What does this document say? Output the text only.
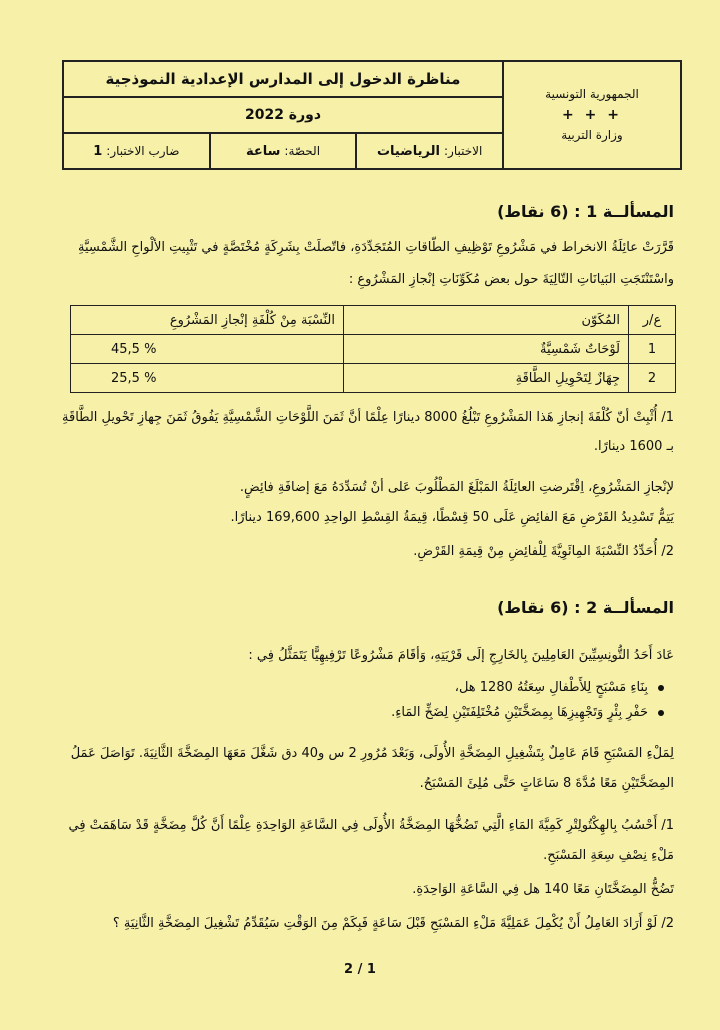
الجمهورية التونسية
+ + +
وزارة التربية
مناظرة الدخول إلى المدارس الإعدادية النموذجية
دورة 2022
الاختبار:
الرياضيات
الحصّة:
ساعة
ضارب الاختبار:
1
المسألــة 1 : (6 نقاط)
قَرَّرَتْ عائِلَةُ الانخراط في مَشْرُوعِ تَوْظِيفِ الطّاقاتِ المُتَجَدِّدَةِ، فاتّصلَتْ بِشَرِكَةٍ مُخْتَصَّةٍ في تَثْبِيتِ الألْواحِ الشَّمْسِيَّةِ
واسْتَنْتَجَتِ البَيانَاتِ التّالِيَةَ حول بعض مُكَوِّنَاتِ إنْجازِ المَشْرُوعِ :
ع/ر	المُكَوّن	النِّسْبَة مِنْ كُلْفَةِ إنْجازِ المَشْرُوعِ
1	لَوْحَاتٌ شَمْسِيَّةٌ	% 45,5
2	جِهَازٌ لِتَحْوِيلِ الطَّاقَةِ	% 25,5
1/ أُثْبِتْ أنّ كُلْفَةَ إنجازِ هَذا المَشْرُوعِ تَبْلُغُ 8000 دينارًا عِلْمًا أنَّ ثَمَنَ اللَّوْحَاتِ الشَّمْسِيَّةِ يَفُوقُ ثَمَنَ جِهازِ تَحْويلِ الطَّاقَةِ
بـ 1600 دينارًا.
لإنْجازِ المَشْرُوعِ، اِقْتَرضتِ العائِلَةُ المَبْلَغَ المَطْلُوبَ عَلى أنْ تُسَدِّدَهُ مَعَ إضافَةِ فائِضٍ.
يَتِمُّ تَسْدِيدُ القَرْضِ مَعَ الفائِضِ عَلَى 50 قِسْطًا، قِيمَةُ القِسْطِ الواحِدِ 169,600 دينارًا.
2/ أُحَدِّدُ النِّسْبَةَ المِائَوِيَّةَ لِلْفائِضِ مِنْ قِيمَةِ القَرْضِ.
المسألــة 2 : (6 نقاط)
عَادَ أَحَدُ التُّونِسِيِّينَ العَامِلِينَ بِالخَارِجِ إلَى قَرْيَتِهِ، وَأقَامَ مَشْرُوعًا تَرْفِيهِيًّا يَتَمَثَّلُ فِي :
بِنَاءِ مَسْبَحٍ لِلأَطْفالِ سِعَتُهُ 1280 هل،
حَفْرِ بِئْرٍ وَتَجْهِيزِهَا بِمِضَخَّتَيْنِ مُخْتَلِفَتَيْنِ لِضَخِّ المَاءِ.
لِمَلْءِ المَسْبَحِ قَامَ عَامِلٌ بِتَشْغِيلِ المِضَخَّةِ الأُولَى، وَبَعْدَ مُرُورِ 2 س و40 دق شَغَّلَ مَعَهَا المِضَخَّةَ الثَّانِيَةَ. تَوَاصَلَ عَمَلُ
المِضَخَّتَيْنِ مَعًا مُدَّةَ 8 سَاعَاتٍ حَتَّى مُلِئَ المَسْبَحُ.
1/ أَحْسُبُ بِالهِكْتُولِتْرِ كَمِيَّةَ المَاءِ الَّتِي تَضُخُّهَا المِضَخَّةُ الأُولَى فِي السَّاعَةِ الوَاحِدَةِ عِلْمًا أَنَّ كُلَّ مِضَخَّةٍ قَدْ سَاهَمَتْ فِي
مَلْءِ نِصْفِ سِعَةِ المَسْبَحِ.
تَضُخُّ المِضَخَّتَانِ مَعًا 140 هل فِي السَّاعَةِ الوَاحِدَةِ.
2/ لَوْ أَرَادَ العَامِلُ أَنْ يُكْمِلَ عَمَلِيَّةَ مَلْءِ المَسْبَحِ قَبْلَ سَاعَةٍ فَبِكَمْ مِنَ الوَقْتِ سَيُقَدِّمُ تَشْغِيلَ المِضَخَّةِ الثَّانِيَةِ ؟
2 / 1
